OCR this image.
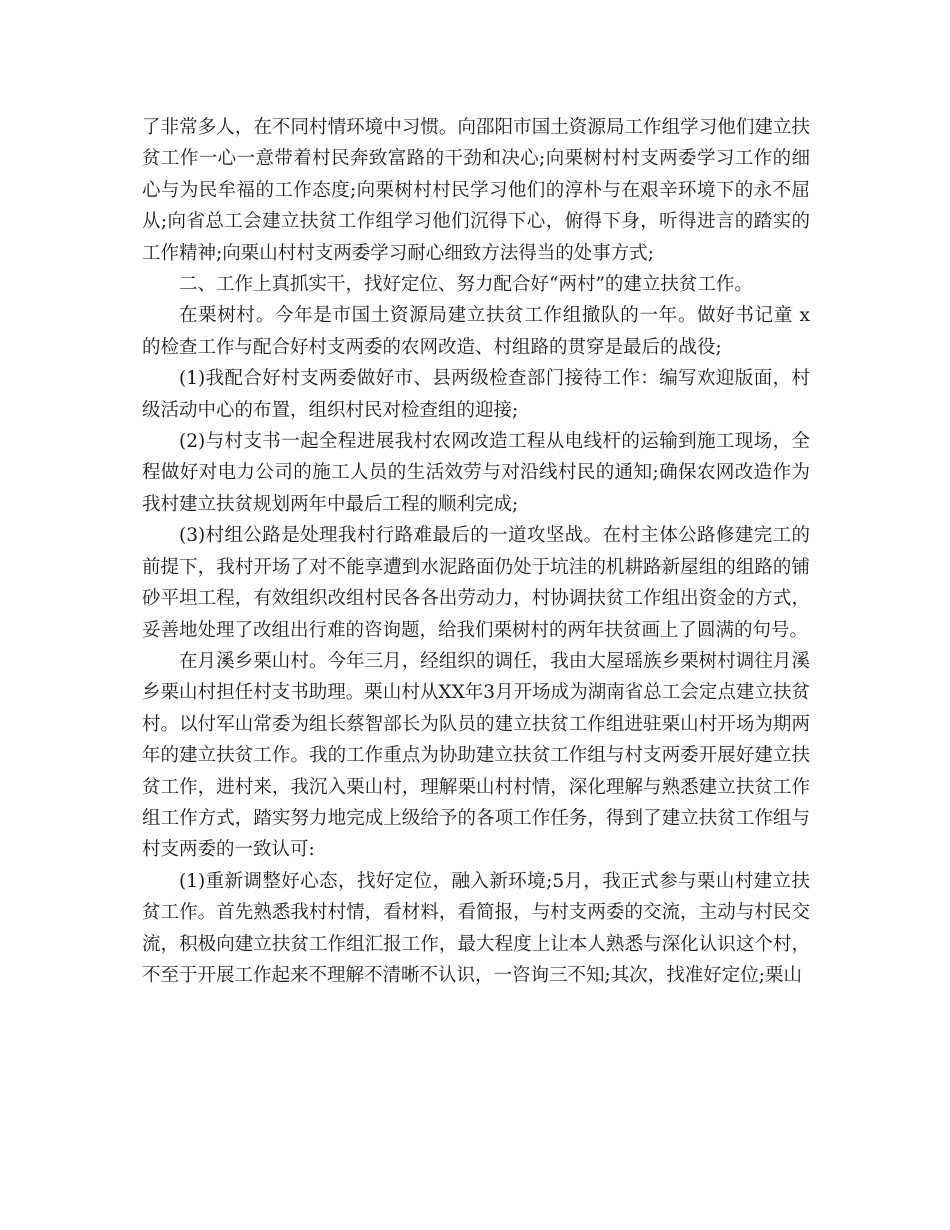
了非常多人，在不同村情环境中习惯。向邵阳市国土资源局工作组学习他们建立扶贫工作一心一意带着村民奔致富路的干劲和决心;向栗树村村支两委学习工作的细心与为民牟福的工作态度;向栗树村村民学习他们的淳朴与在艰辛环境下的永不屈从;向省总工会建立扶贫工作组学习他们沉得下心，俯得下身，听得进言的踏实的工作精神;向栗山村村支两委学习耐心细致方法得当的处事方式;

二、工作上真抓实干，找好定位、努力配合好“两村”的建立扶贫工作。

在栗树村。今年是市国土资源局建立扶贫工作组撤队的一年。做好书记童 x 的检查工作与配合好村支两委的农网改造、村组路的贯穿是最后的战役;

(1)我配合好村支两委做好市、县两级检查部门接待工作：编写欢迎版面，村级活动中心的布置，组织村民对检查组的迎接;

(2)与村支书一起全程进展我村农网改造工程从电线杆的运输到施工现场，全程做好对电力公司的施工人员的生活效劳与对沿线村民的通知;确保农网改造作为我村建立扶贫规划两年中最后工程的顺利完成;

(3)村组公路是处理我村行路难最后的一道攻坚战。在村主体公路修建完工的前提下，我村开场了对不能享遭到水泥路面仍处于坑洼的机耕路新屋组的组路的铺砂平坦工程，有效组织改组村民各各出劳动力，村协调扶贫工作组出资金的方式，妥善地处理了改组出行难的咨询题，给我们栗树村的两年扶贫画上了圆满的句号。

在月溪乡栗山村。今年三月，经组织的调任，我由大屋瑶族乡栗树村调往月溪乡栗山村担任村支书助理。栗山村从XX年3月开场成为湖南省总工会定点建立扶贫村。以付军山常委为组长蔡智部长为队员的建立扶贫工作组进驻栗山村开场为期两年的建立扶贫工作。我的工作重点为协助建立扶贫工作组与村支两委开展好建立扶贫工作，进村来，我沉入栗山村，理解栗山村村情，深化理解与熟悉建立扶贫工作组工作方式，踏实努力地完成上级给予的各项工作任务，得到了建立扶贫工作组与村支两委的一致认可:

(1)重新调整好心态，找好定位，融入新环境;5月，我正式参与栗山村建立扶贫工作。首先熟悉我村村情，看材料，看简报，与村支两委的交流，主动与村民交流，积极向建立扶贫工作组汇报工作，最大程度上让本人熟悉与深化认识这个村，不至于开展工作起来不理解不清晰不认识，一咨询三不知;其次，找准好定位;栗山
